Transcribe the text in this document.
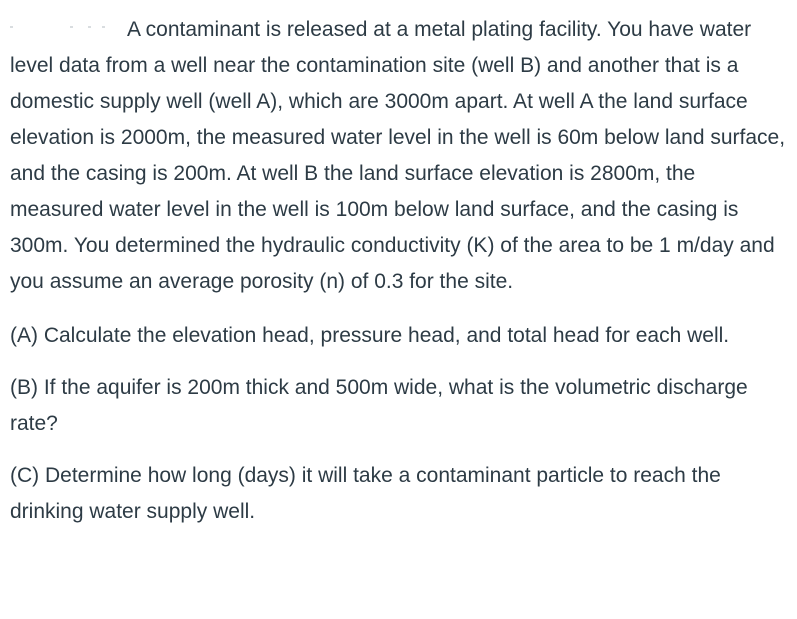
A contaminant is released at a metal plating facility. You have water level data from a well near the contamination site (well B) and another that is a domestic supply well (well A), which are 3000m apart. At well A the land surface elevation is 2000m, the measured water level in the well is 60m below land surface, and the casing is 200m. At well B the land surface elevation is 2800m, the measured water level in the well is 100m below land surface, and the casing is 300m. You determined the hydraulic conductivity (K) of the area to be 1 m/day and you assume an average porosity (n) of 0.3 for the site.

(A) Calculate the elevation head, pressure head, and total head for each well.

(B) If the aquifer is 200m thick and 500m wide, what is the volumetric discharge rate?

(C) Determine how long (days) it will take a contaminant particle to reach the drinking water supply well.
